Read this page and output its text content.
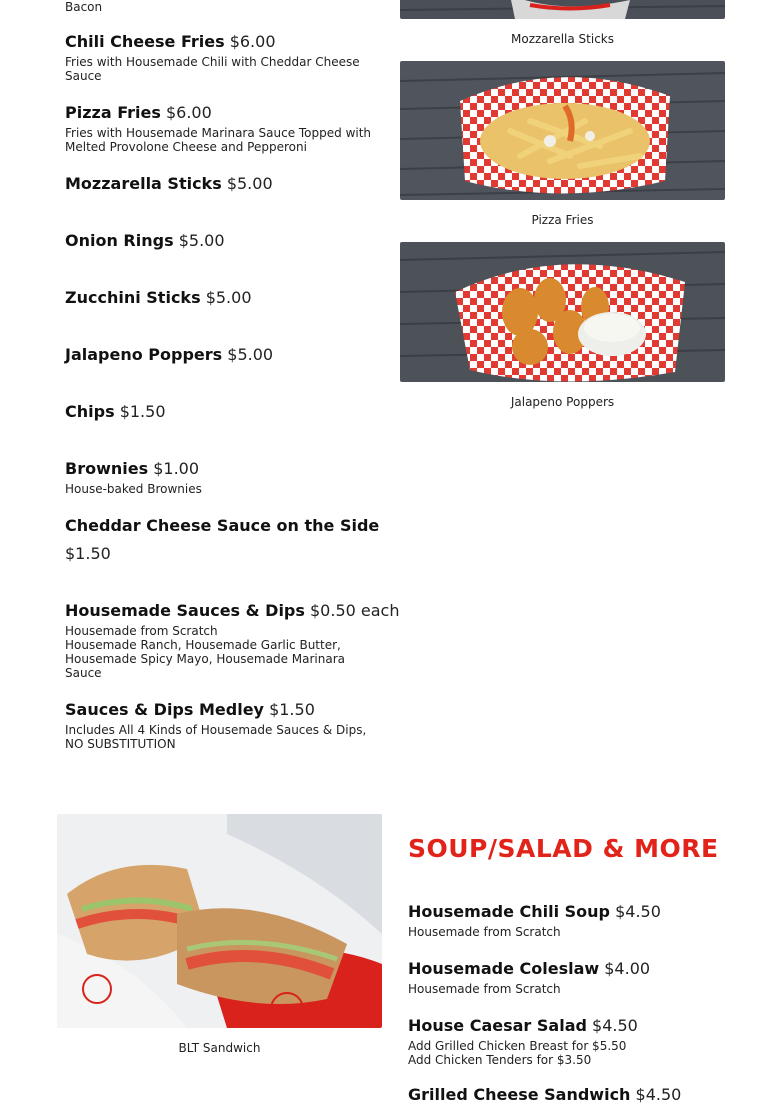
Bacon
Chili Cheese Fries $6.00
Fries with Housemade Chili with Cheddar Cheese
Sauce
Pizza Fries $6.00
Fries with Housemade Marinara Sauce Topped with
Melted Provolone Cheese and Pepperoni
Mozzarella Sticks $5.00
Onion Rings $5.00
Zucchini Sticks $5.00
Jalapeno Poppers $5.00
Chips $1.50
Brownies $1.00
House-baked Brownies
Cheddar Cheese Sauce on the Side
$1.50
Housemade Sauces & Dips $0.50 each
Housemade from Scratch
Housemade Ranch, Housemade Garlic Butter,
Housemade Spicy Mayo, Housemade Marinara
Sauce
Sauces & Dips Medley $1.50
Includes All 4 Kinds of Housemade Sauces & Dips,
NO SUBSTITUTION
Mozzarella Sticks
Pizza Fries
Jalapeno Poppers
BLT Sandwich
SOUP/SALAD & MORE
Housemade Chili Soup $4.50
Housemade from Scratch
Housemade Coleslaw $4.00
Housemade from Scratch
House Caesar Salad $4.50
Add Grilled Chicken Breast for $5.50
Add Chicken Tenders for $3.50
Grilled Cheese Sandwich $4.50
